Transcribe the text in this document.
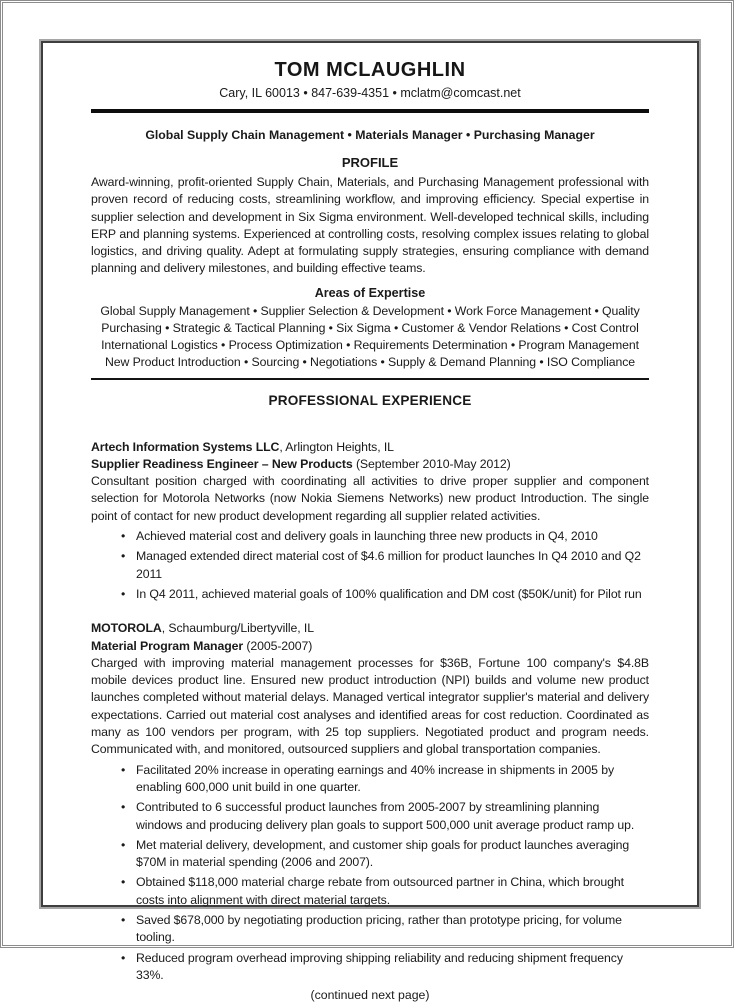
TOM MCLAUGHLIN
Cary, IL 60013 • 847-639-4351 • mclatm@comcast.net
Global Supply Chain Management • Materials Manager • Purchasing Manager
PROFILE
Award-winning, profit-oriented Supply Chain, Materials, and Purchasing Management professional with proven record of reducing costs, streamlining workflow, and improving efficiency. Special expertise in supplier selection and development in Six Sigma environment. Well-developed technical skills, including ERP and planning systems. Experienced at controlling costs, resolving complex issues relating to global logistics, and driving quality. Adept at formulating supply strategies, ensuring compliance with demand planning and delivery milestones, and building effective teams.
Areas of Expertise
Global Supply Management • Supplier Selection & Development • Work Force Management • Quality
Purchasing • Strategic & Tactical Planning • Six Sigma • Customer & Vendor Relations • Cost Control
International Logistics • Process Optimization • Requirements Determination • Program Management
New Product Introduction • Sourcing • Negotiations • Supply & Demand Planning • ISO Compliance
PROFESSIONAL EXPERIENCE
Artech Information Systems LLC, Arlington Heights, IL
Supplier Readiness Engineer – New Products (September 2010-May 2012)
Consultant position charged with coordinating all activities to drive proper supplier and component selection for Motorola Networks (now Nokia Siemens Networks) new product Introduction. The single point of contact for new product development regarding all supplier related activities.
• Achieved material cost and delivery goals in launching three new products in Q4, 2010
• Managed extended direct material cost of $4.6 million for product launches In Q4 2010 and Q2 2011
• In Q4 2011, achieved material goals of 100% qualification and DM cost ($50K/unit) for Pilot run
MOTOROLA, Schaumburg/Libertyville, IL
Material Program Manager (2005-2007)
Charged with improving material management processes for $36B, Fortune 100 company's $4.8B mobile devices product line. Ensured new product introduction (NPI) builds and volume new product launches completed without material delays. Managed vertical integrator supplier's material and delivery expectations. Carried out material cost analyses and identified areas for cost reduction. Coordinated as many as 100 vendors per program, with 25 top suppliers. Negotiated product and program needs. Communicated with, and monitored, outsourced suppliers and global transportation companies.
• Facilitated 20% increase in operating earnings and 40% increase in shipments in 2005 by enabling 600,000 unit build in one quarter.
• Contributed to 6 successful product launches from 2005-2007 by streamlining planning windows and producing delivery plan goals to support 500,000 unit average product ramp up.
• Met material delivery, development, and customer ship goals for product launches averaging $70M in material spending (2006 and 2007).
• Obtained $118,000 material charge rebate from outsourced partner in China, which brought costs into alignment with direct material targets.
• Saved $678,000 by negotiating production pricing, rather than prototype pricing, for volume tooling.
• Reduced program overhead improving shipping reliability and reducing shipment frequency 33%.
(continued next page)
